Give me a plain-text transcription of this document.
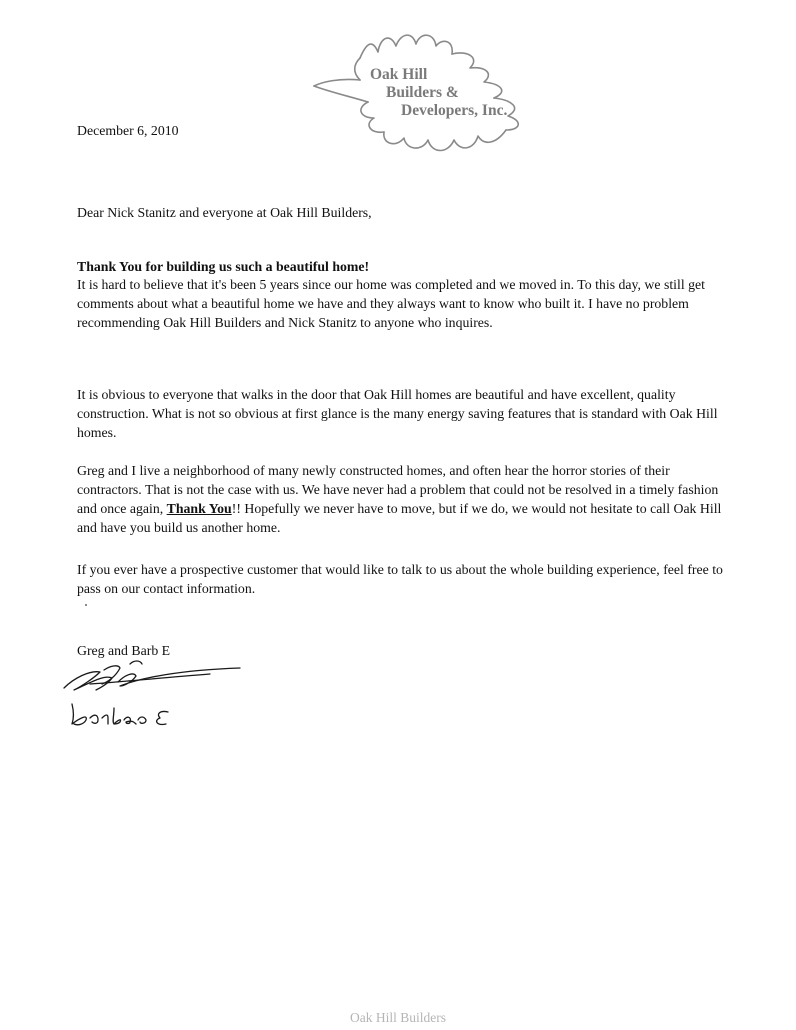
Oak Hill
Builders &
Developers, Inc.
December 6, 2010
Dear Nick Stanitz and everyone at Oak Hill Builders,
Thank You for building us such a beautiful home!

It is hard to believe that it's been 5 years since our home was completed and we moved in. To this day, we still get comments about what a beautiful home we have and they always want to know who built it. I have no problem recommending Oak Hill Builders and Nick Stanitz to anyone who inquires.

It is obvious to everyone that walks in the door that Oak Hill homes are beautiful and have excellent, quality construction. What is not so obvious at first glance is the many energy saving features that is standard with Oak Hill homes.

Greg and I live a neighborhood of many newly constructed homes, and often hear the horror stories of their contractors. That is not the case with us. We have never had a problem that could not be resolved in a timely fashion and once again, Thank You!! Hopefully we never have to move, but if we do, we would not hesitate to call Oak Hill and have you build us another home.

If you ever have a prospective customer that would like to talk to us about the whole building experience, feel free to pass on our contact information.

Greg and Barb E
Oak Hill Builders
